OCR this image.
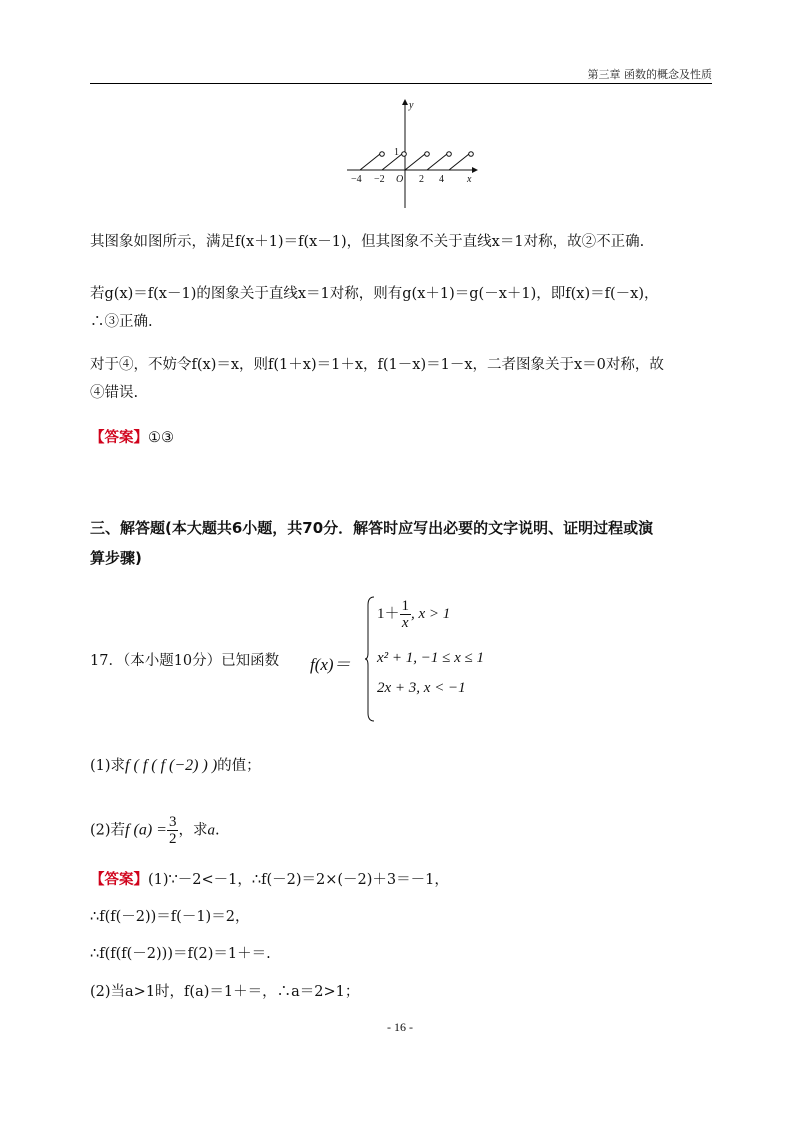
第三章 函数的概念及性质
y
x
1
O
−4 −2	2 4
其图象如图所示，满足f(x＋1)＝f(x－1)，但其图象不关于直线x＝1对称，故②不正确.
若g(x)＝f(x－1)的图象关于直线x＝1对称，则有g(x＋1)＝g(－x＋1)，即f(x)＝f(－x)，
∴③正确.
对于④，不妨令f(x)＝x，则f(1＋x)＝1＋x，f(1－x)＝1－x，二者图象关于x＝0对称，故
④错误.
【答案】①③
三、解答题(本大题共6小题，共70分．解答时应写出必要的文字说明、证明过程或演
算步骤)
17．（本小题10分）已知函数 f(x)＝
$1+ \frac{1}{x}$ , x > 1
x² + 1, −1 ≤ x ≤ 1
2x + 3, x < −1
(1)求f ( f ( f (−2) ) )的值；
(2)若f $(a) = \frac{3}{2}$ ，求a.
【答案】(1)∵－2<－1，∴f(－2)＝2×(－2)＋3＝－1，
∴f(f(－2))＝f(－1)＝2，
∴f(f(f(－2)))＝f(2)＝1＋＝.
(2)当a>1时，f(a)＝1＋＝，∴a＝2>1；
- 16 -
